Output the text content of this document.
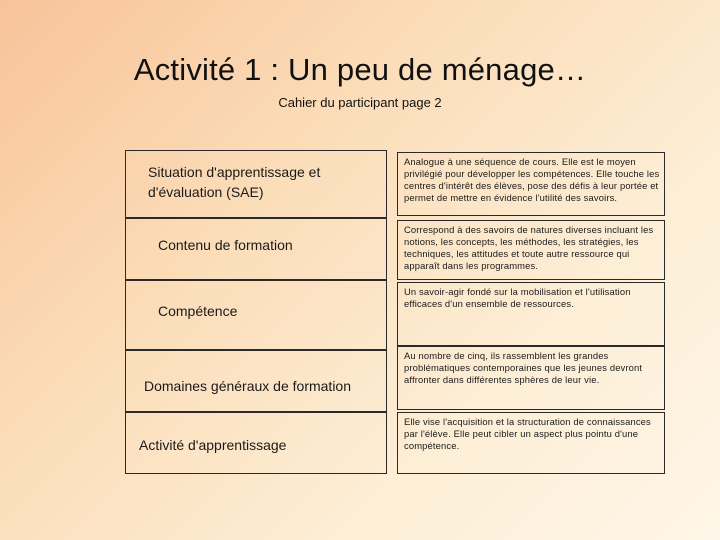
Activité 1 : Un peu de ménage…
Cahier du participant page 2
Situation d'apprentissage et d'évaluation (SAE)
Contenu de formation
Compétence
Domaines généraux de formation
Activité d'apprentissage
Analogue à une séquence de cours. Elle est le moyen privilégié pour développer les compétences. Elle touche les centres d'intérêt des élèves, pose des défis à leur portée et permet de mettre en évidence l'utilité des savoirs.
Correspond à des savoirs de natures diverses incluant les notions, les concepts, les méthodes, les stratégies, les techniques, les attitudes et toute autre ressource qui apparaît dans les programmes.
Un savoir-agir fondé sur la mobilisation et l'utilisation efficaces d'un ensemble de ressources.
Au nombre de cinq, ils rassemblent les grandes problématiques contemporaines que les jeunes devront affronter dans différentes sphères de leur vie.
Elle vise l'acquisition et la structuration de connaissances par l'élève. Elle peut cibler un aspect plus pointu d'une compétence.
